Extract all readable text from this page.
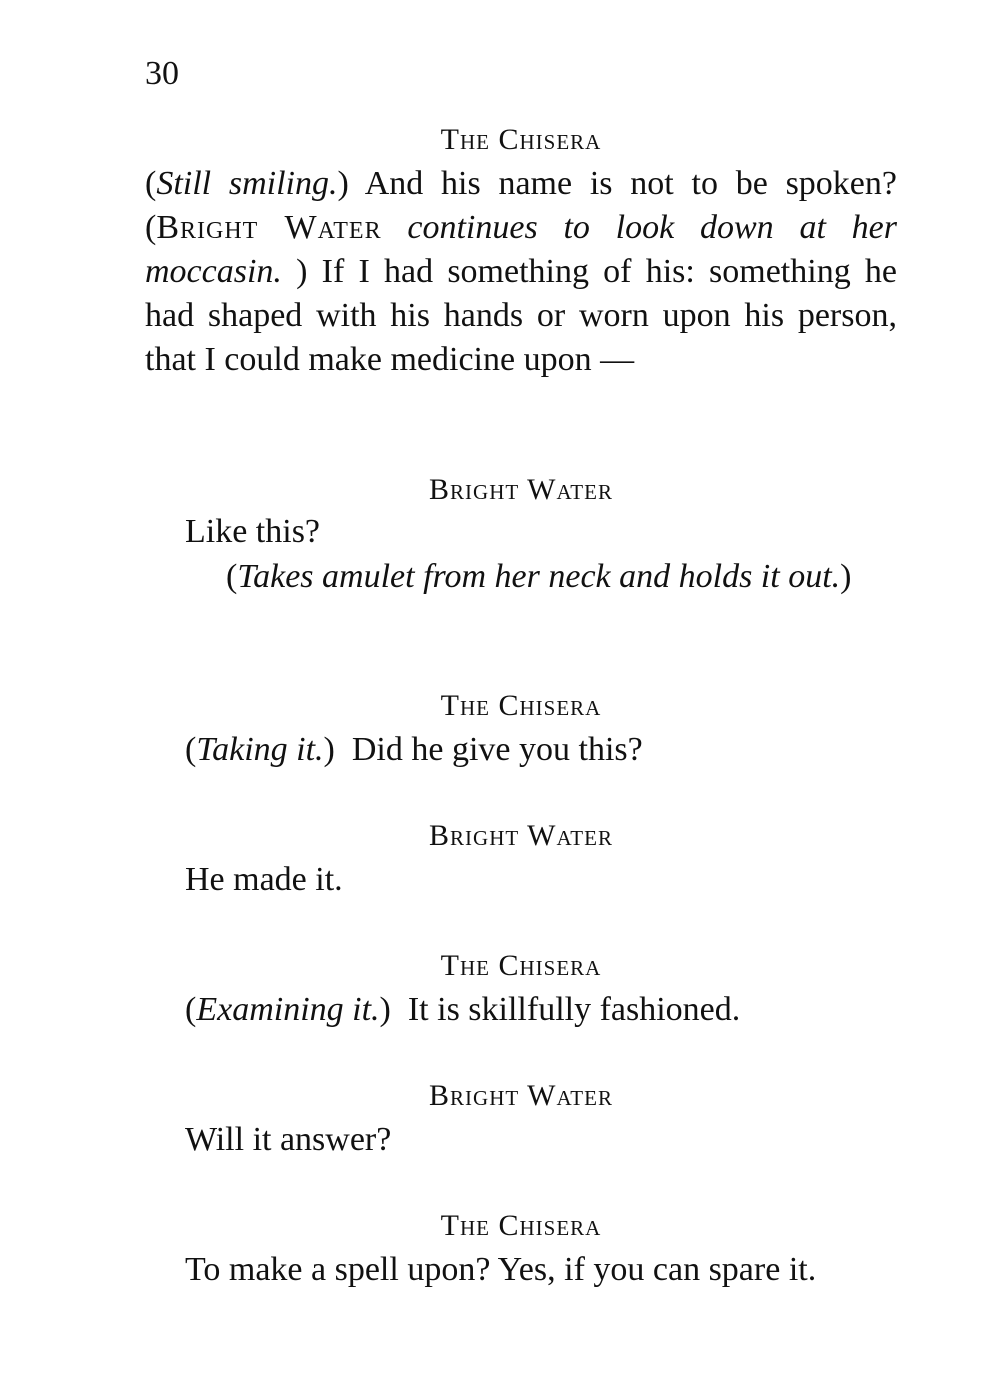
30
The Chisera
(Still smiling.) And his name is not to be spoken? (Bright Water continues to look down at her moccasin. ) If I had something of his: something he had shaped with his hands or worn upon his person, that I could make medicine upon —
Bright Water
Like this?
(Takes amulet from her neck and holds it out.)
The Chisera
(Taking it.)  Did he give you this?
Bright Water
He made it.
The Chisera
(Examining it.)  It is skillfully fashioned.
Bright Water
Will it answer?
The Chisera
To make a spell upon? Yes, if you can spare it.
